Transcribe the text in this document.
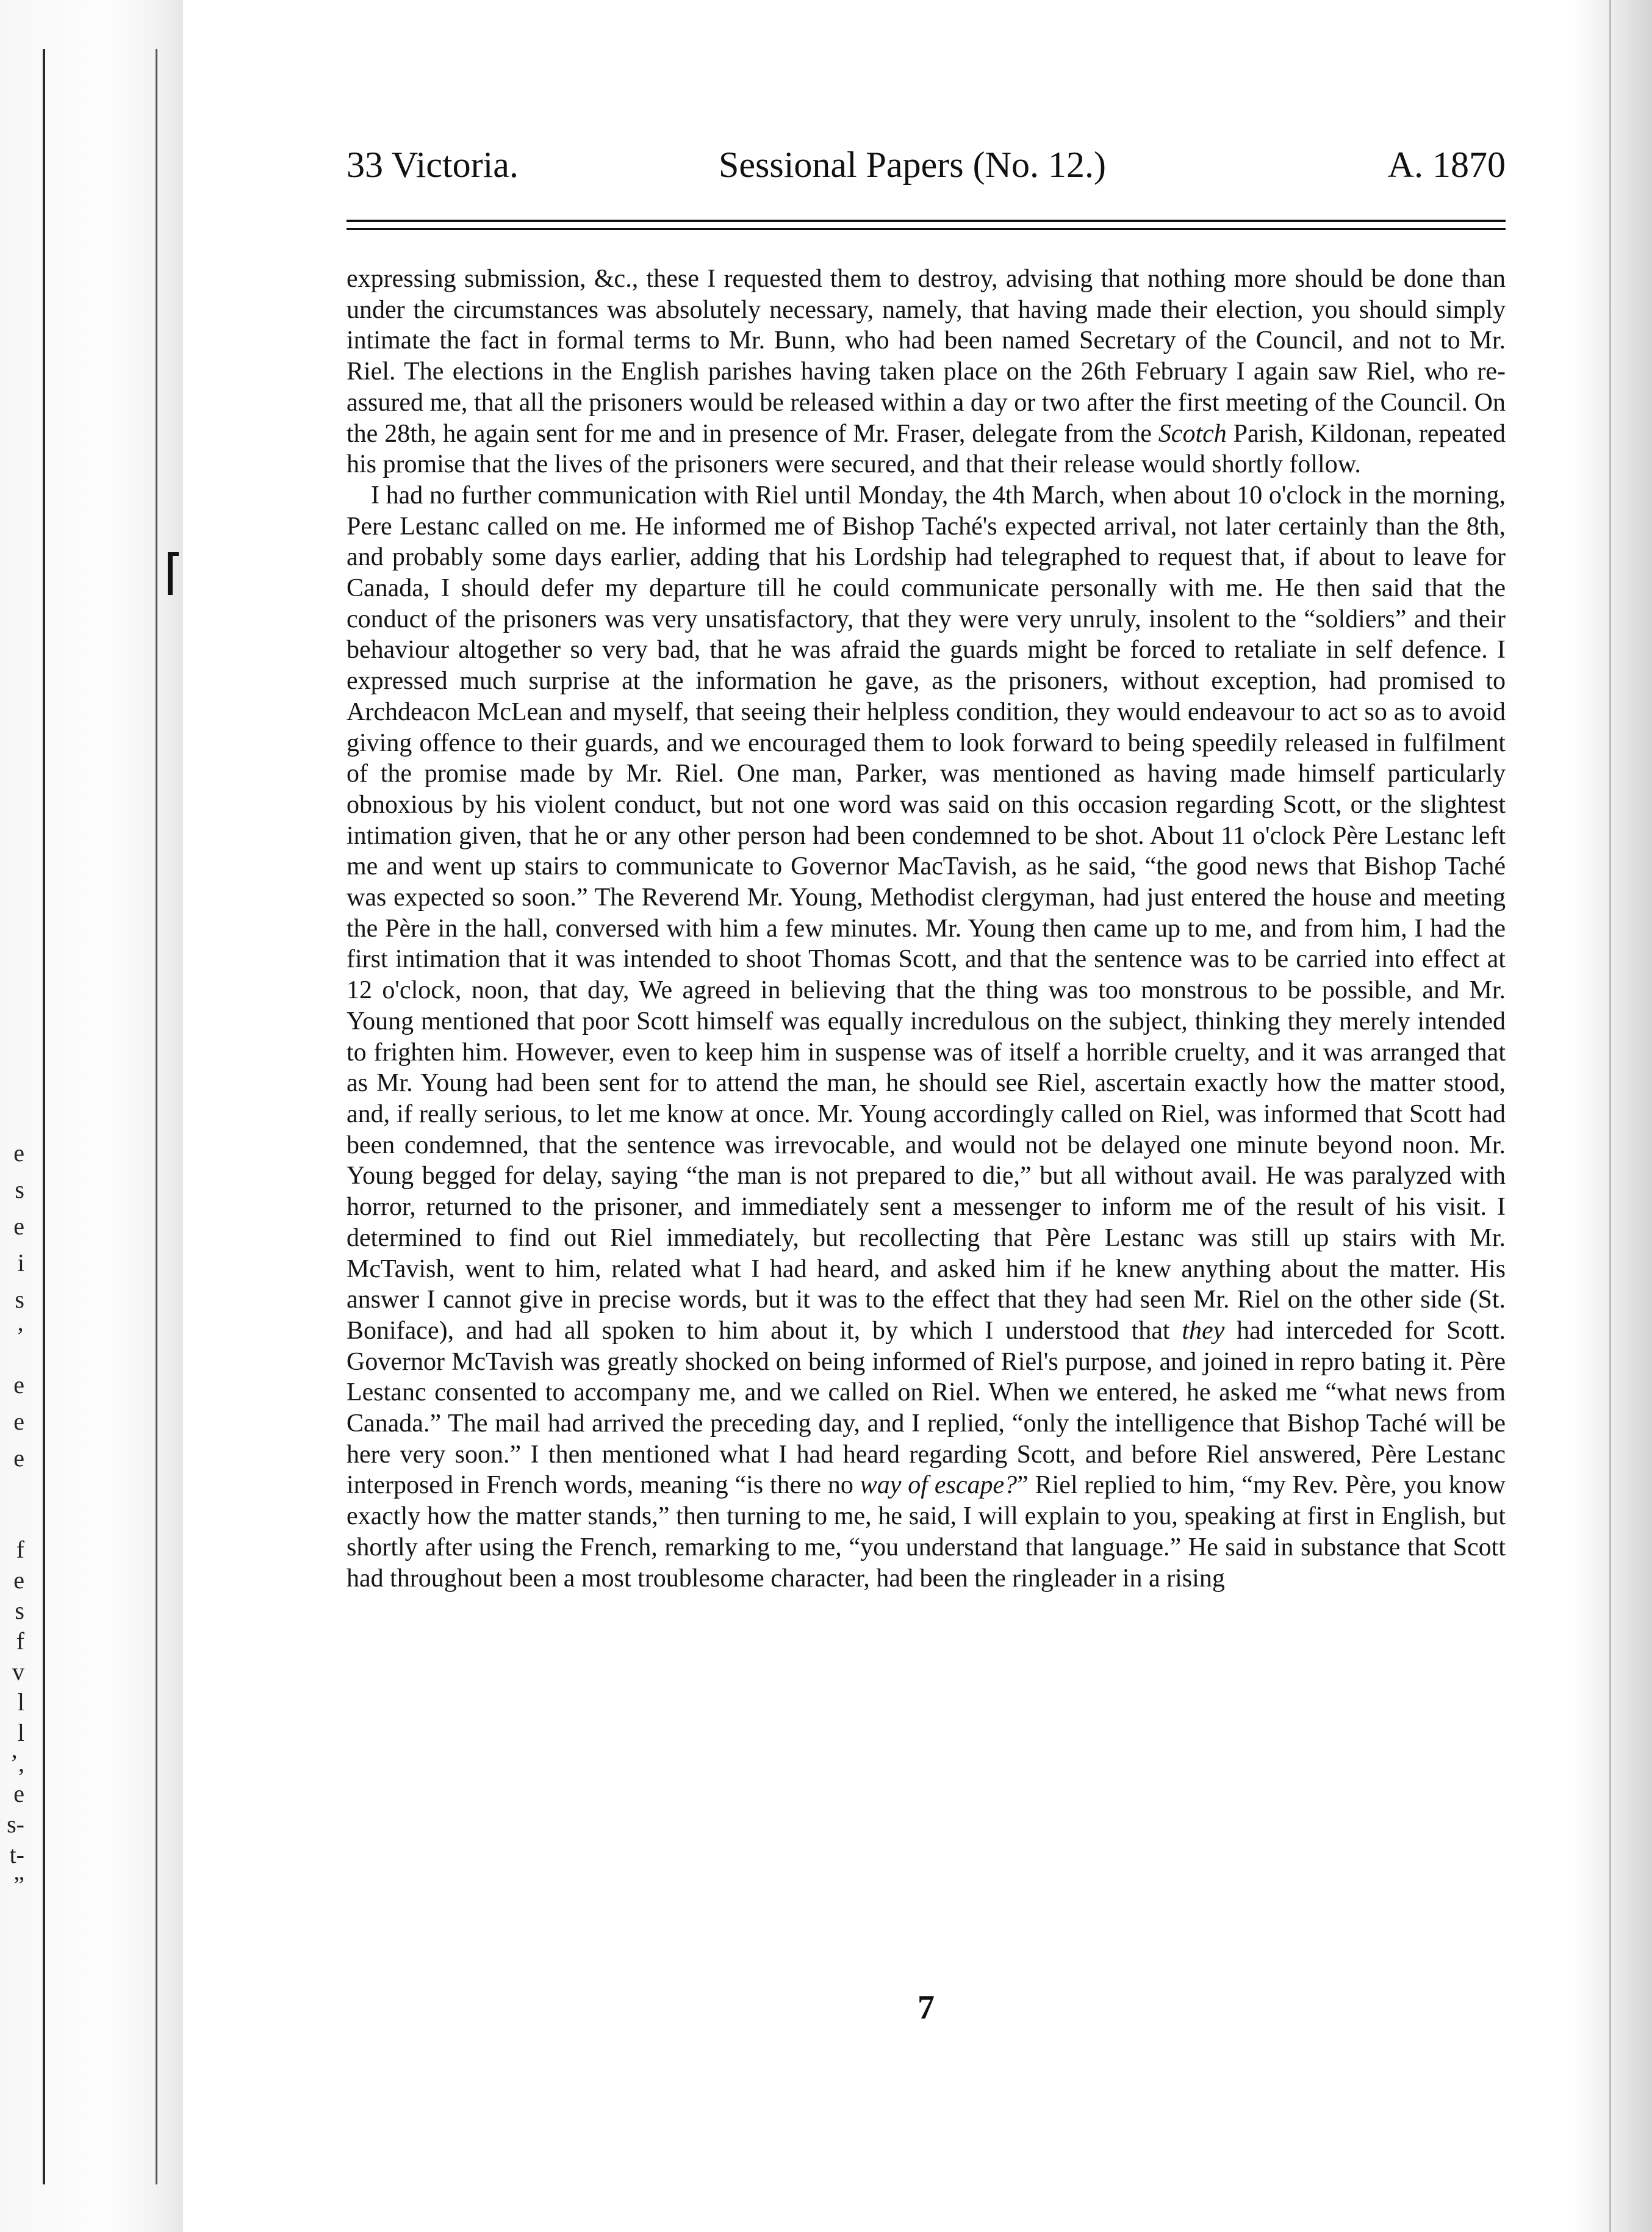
e
s
e
i
s
’
e
e
e
f
e
s
f
v
l
l
’,
e
s-
t-
”
33 Victoria.	Sessional Papers (No. 12.)	A. 1870

expressing submission, &c., these I requested them to destroy, advising that nothing more should be done than under the circumstances was absolutely necessary, namely, that having made their election, you should simply intimate the fact in formal terms to Mr. Bunn, who had been named Secretary of the Council, and not to Mr. Riel. The elections in the English parishes having taken place on the 26th February I again saw Riel, who re-assured me, that all the prisoners would be released within a day or two after the first meeting of the Council. On the 28th, he again sent for me and in presence of Mr. Fraser, delegate from the Scotch Parish, Kildonan, repeated his promise that the lives of the prisoners were secured, and that their release would shortly follow.

I had no further communication with Riel until Monday, the 4th March, when about 10 o'clock in the morning, Pere Lestanc called on me. He informed me of Bishop Taché's expected arrival, not later certainly than the 8th, and probably some days earlier, adding that his Lordship had telegraphed to request that, if about to leave for Canada, I should defer my departure till he could communicate personally with me. He then said that the conduct of the prisoners was very unsatisfactory, that they were very unruly, insolent to the “soldiers” and their behaviour altogether so very bad, that he was afraid the guards might be forced to retaliate in self defence. I expressed much surprise at the information he gave, as the prisoners, without exception, had promised to Archdeacon McLean and myself, that seeing their helpless condition, they would endeavour to act so as to avoid giving offence to their guards, and we encouraged them to look forward to being speedily released in fulfilment of the promise made by Mr. Riel. One man, Parker, was mentioned as having made himself particularly obnoxious by his violent conduct, but not one word was said on this occasion regarding Scott, or the slightest intimation given, that he or any other person had been condemned to be shot. About 11 o'clock Père Lestanc left me and went up stairs to communicate to Governor MacTavish, as he said, “the good news that Bishop Taché was expected so soon.” The Reverend Mr. Young, Methodist clergyman, had just entered the house and meeting the Père in the hall, conversed with him a few minutes. Mr. Young then came up to me, and from him, I had the first intimation that it was intended to shoot Thomas Scott, and that the sentence was to be carried into effect at 12 o'clock, noon, that day, We agreed in believing that the thing was too monstrous to be possible, and Mr. Young mentioned that poor Scott himself was equally incredulous on the subject, thinking they merely intended to frighten him. However, even to keep him in suspense was of itself a horrible cruelty, and it was arranged that as Mr. Young had been sent for to attend the man, he should see Riel, ascertain exactly how the matter stood, and, if really serious, to let me know at once. Mr. Young accordingly called on Riel, was informed that Scott had been condemned, that the sentence was irrevocable, and would not be delayed one minute beyond noon. Mr. Young begged for delay, saying “the man is not prepared to die,” but all without avail. He was paralyzed with horror, returned to the prisoner, and immediately sent a messenger to inform me of the result of his visit. I determined to find out Riel immediately, but recollecting that Père Lestanc was still up stairs with Mr. McTavish, went to him, related what I had heard, and asked him if he knew anything about the matter. His answer I cannot give in precise words, but it was to the effect that they had seen Mr. Riel on the other side (St. Boniface), and had all spoken to him about it, by which I understood that they had interceded for Scott. Governor McTavish was greatly shocked on being informed of Riel's purpose, and joined in repro bating it. Père Lestanc consented to accompany me, and we called on Riel. When we entered, he asked me “what news from Canada.” The mail had arrived the preceding day, and I replied, “only the intelligence that Bishop Taché will be here very soon.” I then mentioned what I had heard regarding Scott, and before Riel answered, Père Lestanc interposed in French words, meaning “is there no way of escape?” Riel replied to him, “my Rev. Père, you know exactly how the matter stands,” then turning to me, he said, I will explain to you, speaking at first in English, but shortly after using the French, remarking to me, “you understand that language.” He said in substance that Scott had throughout been a most troublesome character, had been the ringleader in a rising

7
